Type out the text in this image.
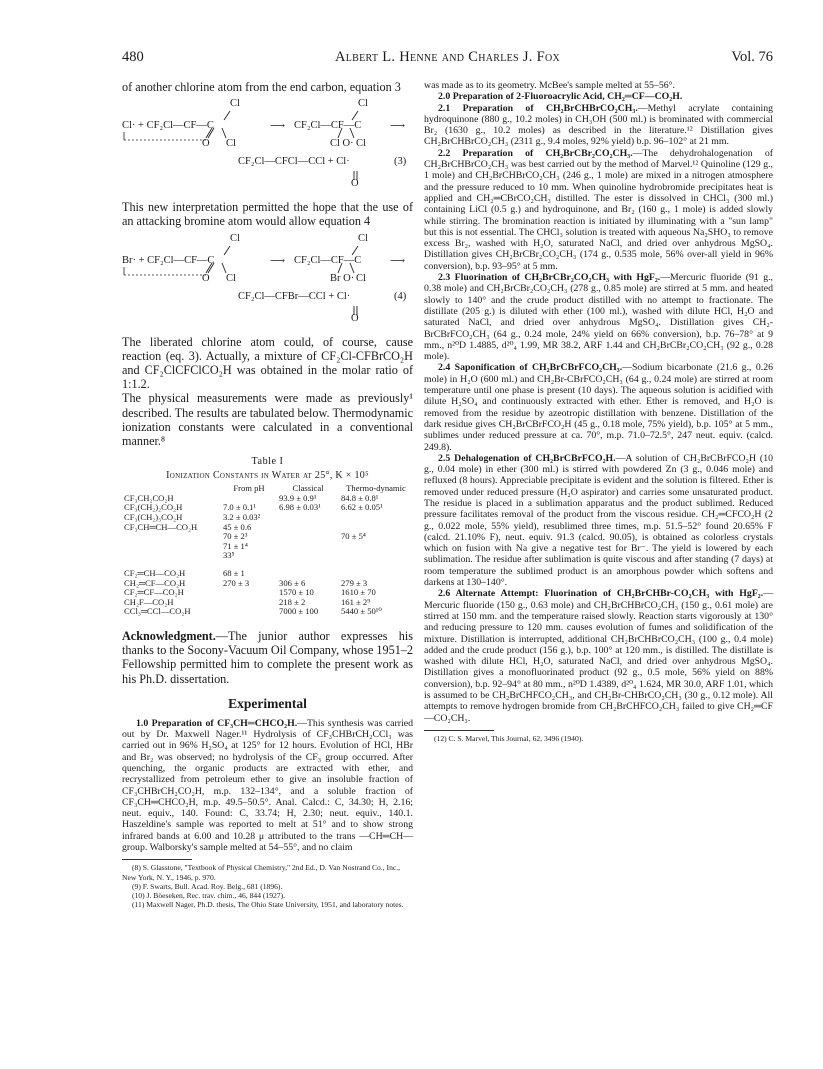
480	Albert L. Henne and Charles J. Fox	Vol. 76

of another chlorine atom from the end carbon, equation 3

Cl
Cl· + CF₂Cl—CF—C	⟶ CF₂Cl—CF—C	⟶
Cl
O Cl	Cl O· Cl
CF₂Cl—CFCl—CCl + Cl·	(3)
O

This new interpretation permitted the hope that the use of an attacking bromine atom would allow equation 4

Cl
Br· + CF₂Cl—CF—C	⟶ CF₂Cl—CF—C	⟶
Cl
O Cl	Br O· Cl
CF₂Cl—CFBr—CCl + Cl·	(4)
O

The liberated chlorine atom could, of course, cause reaction (eq. 3). Actually, a mixture of CF₂Cl-CFBrCO₂H and CF₂ClCFClCO₂H was obtained in the molar ratio of 1:1.2.

The physical measurements were made as previously¹ described. The results are tabulated below. Thermodynamic ionization constants were calculated in a conventional manner.⁸

Table I
Ionization Constants in Water at 25°, K × 10⁵
	From pH	Classical	Thermo-dynamic
CF₃CH₂CO₂H		93.9 ± 0.9¹	84.8 ± 0.8¹
CF₃(CH₂)₂CO₂H	7.0 ± 0.1¹	6.98 ± 0.03¹	6.62 ± 0.05¹
CF₃(CH₂)₃CO₂H	3.2 ± 0.03²		
CF₃CH═CH—CO₂H	45 ± 0.6		
	70 ± 2³		70 ± 5⁴
	71 ± 1⁴		
	33⁵		

CF₂═CH—CO₂H	68 ± 1		
CH₂═CF—CO₂H	270 ± 3	306 ± 6	279 ± 3
CF₂═CF—CO₂H		1570 ± 10	1610 ± 70
CH₂F—CO₂H		218 ± 2	161 ± 2⁹
CCl₃═CCl—CO₂H		7000 ± 100	5440 ± 50¹⁰

Acknowledgment.—The junior author expresses his thanks to the Socony-Vacuum Oil Company, whose 1951–2 Fellowship permitted him to complete the present work as his Ph.D. dissertation.

Experimental

1.0 Preparation of CF₃CH═CHCO₂H.—This synthesis was carried out by Dr. Maxwell Nager.¹¹ Hydrolysis of CF₃CHBrCH₂CCl₃ was carried out in 96% H₂SO₄ at 125° for 12 hours. Evolution of HCl, HBr and Br₂ was observed; no hydrolysis of the CF₃ group occurred. After quenching, the organic products are extracted with ether, and recrystallized from petroleum ether to give an insoluble fraction of CF₃CHBrCH₂CO₂H, m.p. 132–134°, and a soluble fraction of CF₃CH═CHCO₂H, m.p. 49.5–50.5°. Anal. Calcd.: C, 34.30; H, 2.16; neut. equiv., 140. Found: C, 33.74; H, 2.30; neut. equiv., 140.1. Haszeldine's sample was reported to melt at 51° and to show strong infrared bands at 6.00 and 10.28 μ attributed to the trans —CH═CH— group. Walborsky's sample melted at 54–55°, and no claim

(8) S. Glasstone, "Textbook of Physical Chemistry," 2nd Ed., D. Van Nostrand Co., Inc., New York, N. Y., 1946, p. 970.

(9) F. Swarts, Bull. Acad. Roy. Belg., 681 (1896).

(10) J. Böeseken, Rec. trav. chim., 46, 844 (1927).

(11) Maxwell Nager, Ph.D. thesis, The Ohio State University, 1951, and laboratory notes.

was made as to its geometry. McBee's sample melted at 55–56°.

2.0 Preparation of 2-Fluoroacrylic Acid, CH₂═CF—CO₂H.

2.1 Preparation of CH₂BrCHBrCO₂CH₃.—Methyl acrylate containing hydroquinone (880 g., 10.2 moles) in CH₃OH (500 ml.) is brominated with commercial Br₂ (1630 g., 10.2 moles) as described in the literature.¹² Distillation gives CH₂BrCHBrCO₂CH₃ (2311 g., 9.4 moles, 92% yield) b.p. 96–102° at 21 mm.

2.2 Preparation of CH₂BrCBr₂CO₂CH₃.—The dehydrohalogenation of CH₂BrCHBrCO₂CH₃ was best carried out by the method of Marvel.¹² Quinoline (129 g., 1 mole) and CH₂BrCHBrCO₂CH₃ (246 g., 1 mole) are mixed in a nitrogen atmosphere and the pressure reduced to 10 mm. When quinoline hydrobromide precipitates heat is applied and CH₂═CBrCO₂CH₃ distilled. The ester is dissolved in CHCl₃ (300 ml.) containing LiCl (0.5 g.) and hydroquinone, and Br₂ (160 g., 1 mole) is added slowly while stirring. The bromination reaction is initiated by illuminating with a "sun lamp" but this is not essential. The CHCl₃ solution is treated with aqueous Na₂SHO₃ to remove excess Br₂, washed with H₂O, saturated NaCl, and dried over anhydrous MgSO₄. Distillation gives CH₂BrCBr₂CO₂CH₃ (174 g., 0.535 mole, 56% over-all yield in 96% conversion), b.p. 93–95° at 5 mm.

2.3 Fluorination of CH₂BrCBr₂CO₂CH₃ with HgF₂.—Mercuric fluoride (91 g., 0.38 mole) and CH₂BrCBr₂CO₂CH₃ (278 g., 0.85 mole) are stirred at 5 mm. and heated slowly to 140° and the crude product distilled with no attempt to fractionate. The distillate (205 g.) is diluted with ether (100 ml.), washed with dilute HCl, H₂O and saturated NaCl, and dried over anhydrous MgSO₄. Distillation gives CH₂-BrCBrFCO₂CH₃ (64 g., 0.24 mole, 24% yield on 66% conversion), b.p. 76–78° at 9 mm., n²⁰D 1.4885, d²⁰₄ 1.99, MR 38.2, ARF 1.44 and CH₂BrCBr₂CO₂CH₃ (92 g., 0.28 mole).

2.4 Saponification of CH₂BrCBrFCO₂CH₃.—Sodium bicarbonate (21.6 g., 0.26 mole) in H₂O (600 ml.) and CH₂Br-CBrFCO₂CH₃ (64 g., 0.24 mole) are stirred at room temperature until one phase is present (10 days). The aqueous solution is acidified with dilute H₂SO₄ and continuously extracted with ether. Ether is removed, and H₂O is removed from the residue by azeotropic distillation with benzene. Distillation of the dark residue gives CH₂BrCBrFCO₂H (45 g., 0.18 mole, 75% yield), b.p. 105° at 5 mm., sublimes under reduced pressure at ca. 70°, m.p. 71.0–72.5°, 247 neut. equiv. (calcd. 249.8).

2.5 Dehalogenation of CH₂BrCBrFCO₂H.—A solution of CH₂BrCBrFCO₂H (10 g., 0.04 mole) in ether (300 ml.) is stirred with powdered Zn (3 g., 0.046 mole) and refluxed (8 hours). Appreciable precipitate is evident and the solution is filtered. Ether is removed under reduced pressure (H₂O aspirator) and carries some unsaturated product. The residue is placed in a sublimation apparatus and the product sublimed. Reduced pressure facilitates removal of the product from the viscous residue. CH₂═CFCO₂H (2 g., 0.022 mole, 55% yield), resublimed three times, m.p. 51.5–52° found 20.65% F (calcd. 21.10% F), neut. equiv. 91.3 (calcd. 90.05), is obtained as colorless crystals which on fusion with Na give a negative test for Br⁻. The yield is lowered by each sublimation. The residue after sublimation is quite viscous and after standing (7 days) at room temperature the sublimed product is an amorphous powder which softens and darkens at 130–140°.

2.6 Alternate Attempt: Fluorination of CH₂BrCHBr-CO₂CH₃ with HgF₂.—Mercuric fluoride (150 g., 0.63 mole) and CH₂BrCHBrCO₂CH₃ (150 g., 0.61 mole) are stirred at 150 mm. and the temperature raised slowly. Reaction starts vigorously at 130° and reducing pressure to 120 mm. causes evolution of fumes and solidification of the mixture. Distillation is interrupted, additional CH₂BrCHBrCO₂CH₃ (100 g., 0.4 mole) added and the crude product (156 g.), b.p. 100° at 120 mm., is distilled. The distillate is washed with dilute HCl, H₂O, saturated NaCl, and dried over anhydrous MgSO₄. Distillation gives a monofluorinated product (92 g., 0.5 mole, 56% yield on 88% conversion), b.p. 92–94° at 80 mm., n²⁰D 1.4389, d²⁰₄ 1.624, MR 30.0, ARF 1.01, which is assumed to be CH₂BrCHFCO₂CH₃, and CH₂Br-CHBrCO₂CH₃ (30 g., 0.12 mole). All attempts to remove hydrogen bromide from CH₂BrCHFCO₂CH₃ failed to give CH₂═CF—CO₂CH₃.

(12) C. S. Marvel, This Journal, 62, 3496 (1940).
